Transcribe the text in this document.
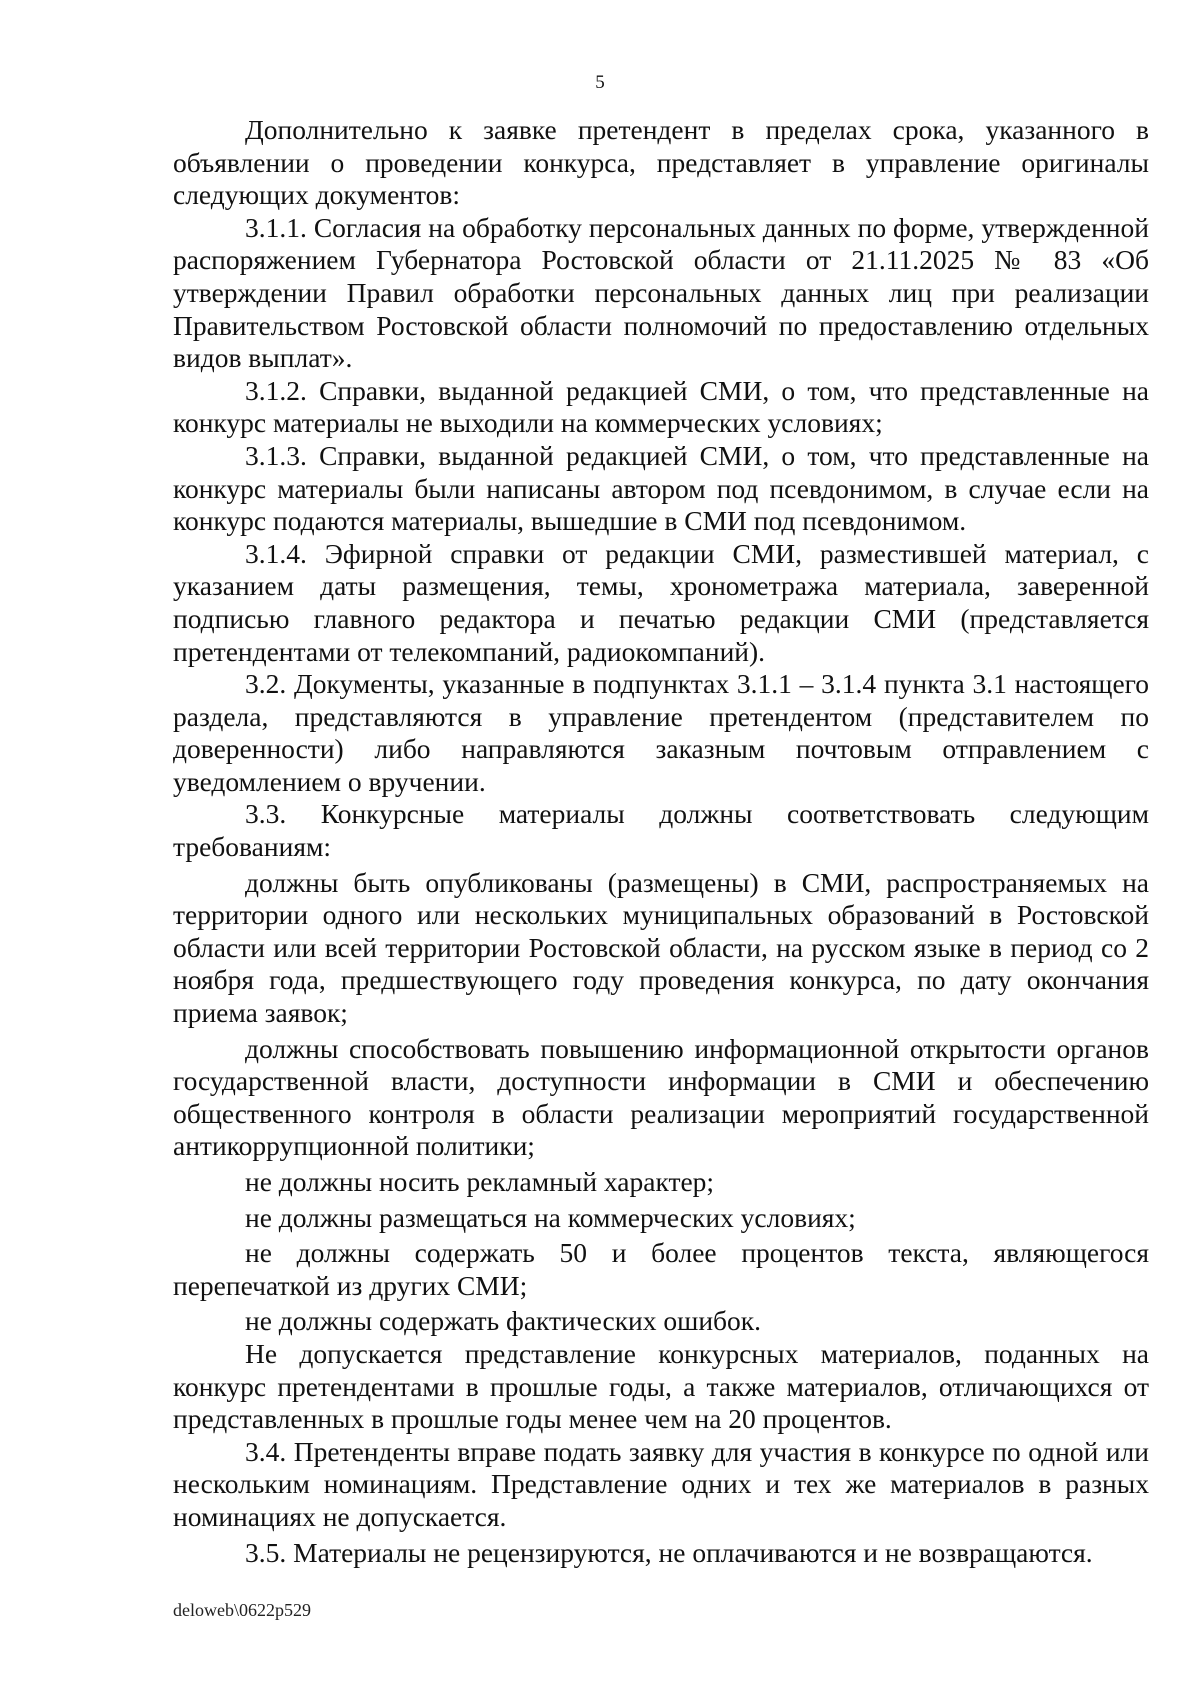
5

Дополнительно к заявке претендент в пределах срока, указанного в объявлении о проведении конкурса, представляет в управление оригиналы следующих документов:

3.1.1. Согласия на обработку персональных данных по форме, утвержденной распоряжением Губернатора Ростовской области от 21.11.2025 № 83 «Об утверждении Правил обработки персональных данных лиц при реализации Правительством Ростовской области полномочий по предоставлению отдельных видов выплат».

3.1.2. Справки, выданной редакцией СМИ, о том, что представленные на конкурс материалы не выходили на коммерческих условиях;

3.1.3. Справки, выданной редакцией СМИ, о том, что представленные на конкурс материалы были написаны автором под псевдонимом, в случае если на конкурс подаются материалы, вышедшие в СМИ под псевдонимом.

3.1.4. Эфирной справки от редакции СМИ, разместившей материал, с указанием даты размещения, темы, хронометража материала, заверенной подписью главного редактора и печатью редакции СМИ (представляется претендентами от телекомпаний, радиокомпаний).

3.2. Документы, указанные в подпунктах 3.1.1 – 3.1.4 пункта 3.1 настоящего раздела, представляются в управление претендентом (представителем по доверенности) либо направляются заказным почтовым отправлением с уведомлением о вручении.

3.3. Конкурсные материалы должны соответствовать следующим требованиям:

должны быть опубликованы (размещены) в СМИ, распространяемых на территории одного или нескольких муниципальных образований в Ростовской области или всей территории Ростовской области, на русском языке в период со 2 ноября года, предшествующего году проведения конкурса, по дату окончания приема заявок;

должны способствовать повышению информационной открытости органов государственной власти, доступности информации в СМИ и обеспечению общественного контроля в области реализации мероприятий государственной антикоррупционной политики;

не должны носить рекламный характер;

не должны размещаться на коммерческих условиях;

не должны содержать 50 и более процентов текста, являющегося перепечаткой из других СМИ;

не должны содержать фактических ошибок.

Не допускается представление конкурсных материалов, поданных на конкурс претендентами в прошлые годы, а также материалов, отличающихся от представленных в прошлые годы менее чем на 20 процентов.

3.4. Претенденты вправе подать заявку для участия в конкурсе по одной или нескольким номинациям. Представление одних и тех же материалов в разных номинациях не допускается.

3.5. Материалы не рецензируются, не оплачиваются и не возвращаются.

deloweb\0622p529
